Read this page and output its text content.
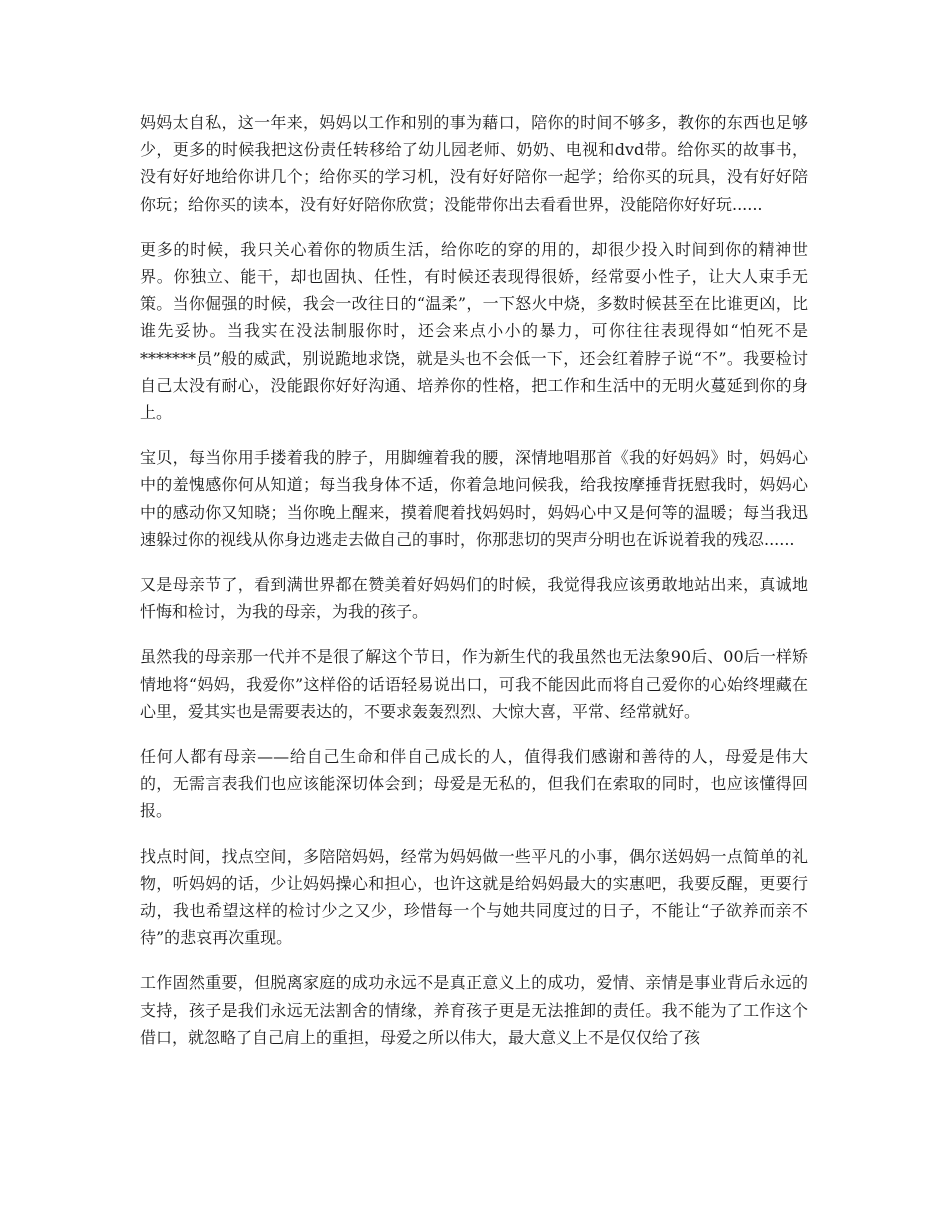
妈妈太自私，这一年来，妈妈以工作和别的事为藉口，陪你的时间不够多，教你的东西也足够少，更多的时候我把这份责任转移给了幼儿园老师、奶奶、电视和dvd带。给你买的故事书，没有好好地给你讲几个；给你买的学习机，没有好好陪你一起学；给你买的玩具，没有好好陪你玩；给你买的读本，没有好好陪你欣赏；没能带你出去看看世界，没能陪你好好玩......

更多的时候，我只关心着你的物质生活，给你吃的穿的用的，却很少投入时间到你的精神世界。你独立、能干，却也固执、任性，有时候还表现得很娇，经常耍小性子，让大人束手无策。当你倔强的时候，我会一改往日的“温柔”，一下怒火中烧，多数时候甚至在比谁更凶，比谁先妥协。当我实在没法制服你时，还会来点小小的暴力，可你往往表现得如“怕死不是*******员”般的威武，别说跪地求饶，就是头也不会低一下，还会红着脖子说“不”。我要检讨自己太没有耐心，没能跟你好好沟通、培养你的性格，把工作和生活中的无明火蔓延到你的身上。

宝贝，每当你用手搂着我的脖子，用脚缠着我的腰，深情地唱那首《我的好妈妈》时，妈妈心中的羞愧感你何从知道；每当我身体不适，你着急地问候我，给我按摩捶背抚慰我时，妈妈心中的感动你又知晓；当你晚上醒来，摸着爬着找妈妈时，妈妈心中又是何等的温暖；每当我迅速躲过你的视线从你身边逃走去做自己的事时，你那悲切的哭声分明也在诉说着我的残忍......

又是母亲节了，看到满世界都在赞美着好妈妈们的时候，我觉得我应该勇敢地站出来，真诚地忏悔和检讨，为我的母亲，为我的孩子。

虽然我的母亲那一代并不是很了解这个节日，作为新生代的我虽然也无法象90后、00后一样矫情地将“妈妈，我爱你”这样俗的话语轻易说出口，可我不能因此而将自己爱你的心始终埋藏在心里，爱其实也是需要表达的，不要求轰轰烈烈、大惊大喜，平常、经常就好。

任何人都有母亲——给自己生命和伴自己成长的人，值得我们感谢和善待的人，母爱是伟大的，无需言表我们也应该能深切体会到；母爱是无私的，但我们在索取的同时，也应该懂得回报。

找点时间，找点空间，多陪陪妈妈，经常为妈妈做一些平凡的小事，偶尔送妈妈一点简单的礼物，听妈妈的话，少让妈妈操心和担心，也许这就是给妈妈最大的实惠吧，我要反醒，更要行动，我也希望这样的检讨少之又少，珍惜每一个与她共同度过的日子，不能让“子欲养而亲不待”的悲哀再次重现。

工作固然重要，但脱离家庭的成功永远不是真正意义上的成功，爱情、亲情是事业背后永远的支持，孩子是我们永远无法割舍的情缘，养育孩子更是无法推卸的责任。我不能为了工作这个借口，就忽略了自己肩上的重担，母爱之所以伟大，最大意义上不是仅仅给了孩
